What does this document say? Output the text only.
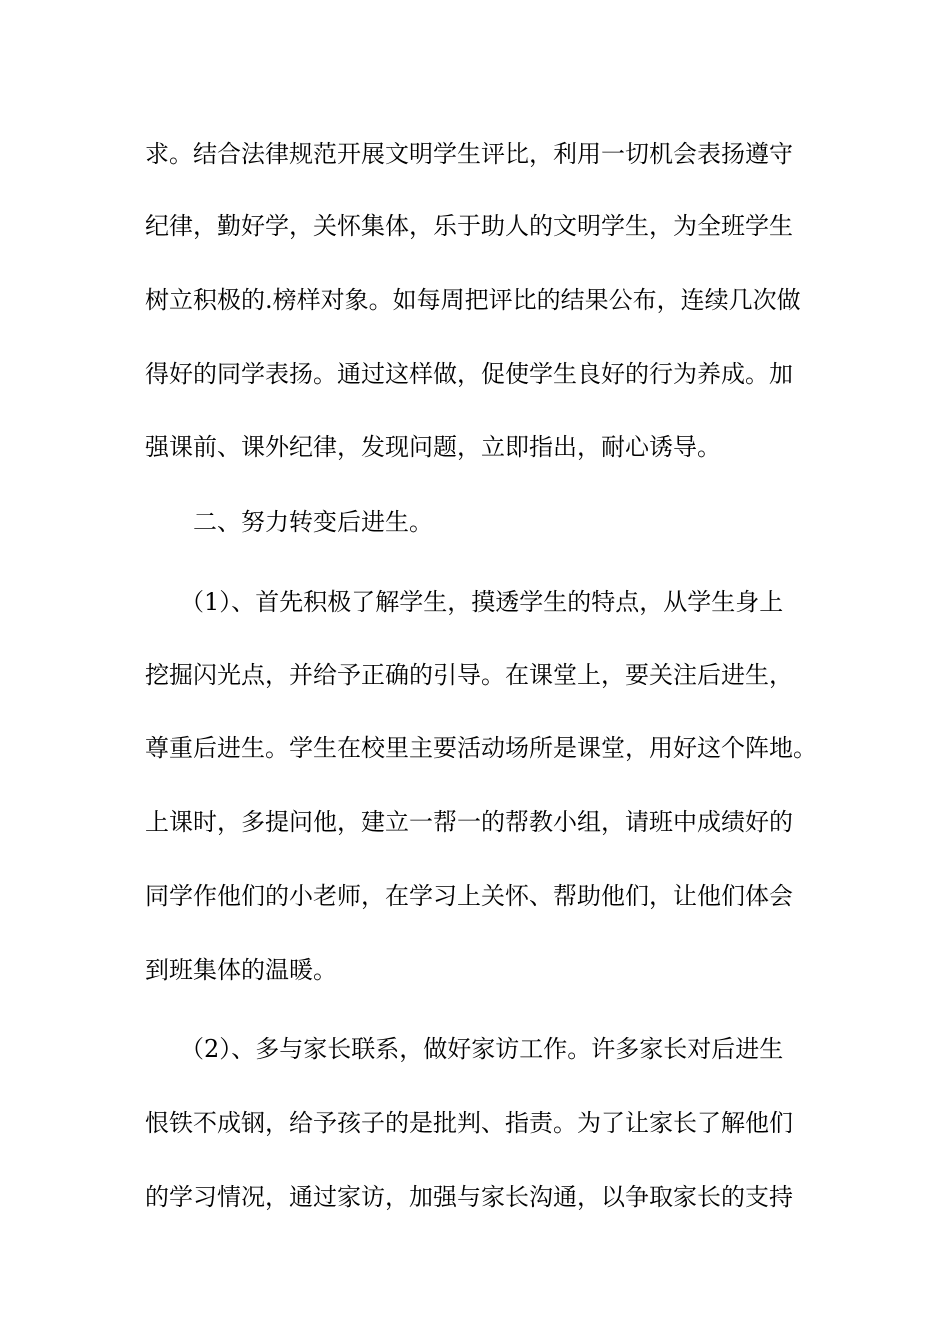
求。结合法律规范开展文明学生评比，利用一切机会表扬遵守
纪律，勤好学，关怀集体，乐于助人的文明学生，为全班学生
树立积极的.榜样对象。如每周把评比的结果公布，连续几次做
得好的同学表扬。通过这样做，促使学生良好的行为养成。加
强课前、课外纪律，发现问题，立即指出，耐心诱导。
二、努力转变后进生。
（1）、首先积极了解学生，摸透学生的特点，从学生身上
挖掘闪光点，并给予正确的引导。在课堂上，要关注后进生，
尊重后进生。学生在校里主要活动场所是课堂，用好这个阵地。
上课时，多提问他，建立一帮一的帮教小组，请班中成绩好的
同学作他们的小老师，在学习上关怀、帮助他们，让他们体会
到班集体的温暖。
（2）、多与家长联系，做好家访工作。许多家长对后进生
恨铁不成钢，给予孩子的是批判、指责。为了让家长了解他们
的学习情况，通过家访，加强与家长沟通，以争取家长的支持
